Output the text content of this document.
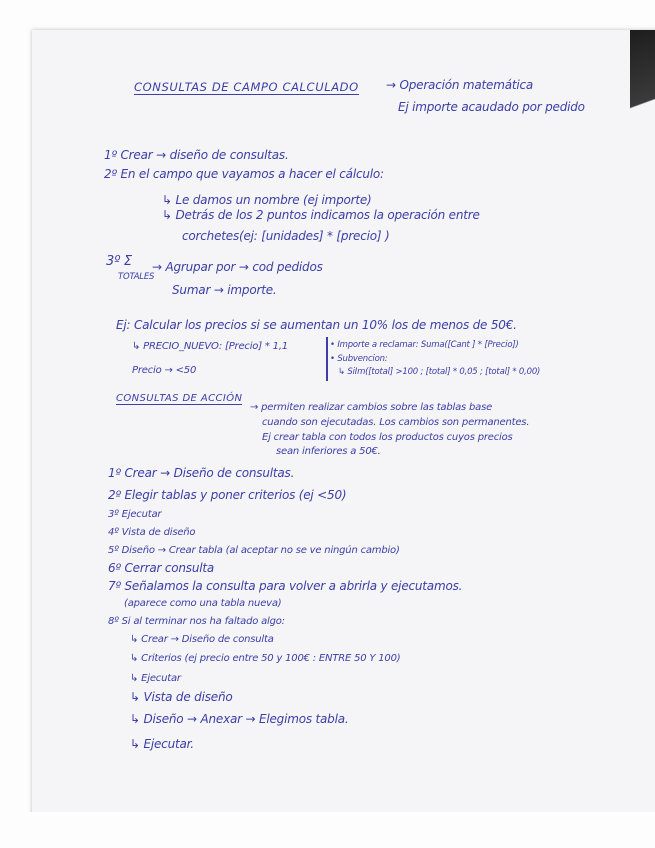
CONSULTAS DE CAMPO CALCULADO → Operación matemática

Ej importe acaudado por pedido

1º Crear → diseño de consultas.

2º En el campo que vayamos a hacer el cálculo:

↳ Le damos un nombre (ej importe)

↳ Detrás de los 2 puntos indicamos la operación entre

corchetes(ej: [unidades] * [precio] )

3º Σ

TOTALES

→ Agrupar por → cod pedidos

Sumar → importe.

Ej: Calcular los precios si se aumentan un 10% los de menos de 50€.

↳ PRECIO_NUEVO: [Precio] * 1,1

Precio → <50

• Importe a reclamar: Suma([Cant ] * [Precio])

• Subvencion:

↳ SiIm([total] >100 ; [total] * 0,05 ; [total] * 0,00)

CONSULTAS DE ACCIÓN

→ permiten realizar cambios sobre las tablas base

cuando son ejecutadas. Los cambios son permanentes.

Ej crear tabla con todos los productos cuyos precios

sean inferiores a 50€.

1º Crear → Diseño de consultas.

2º Elegir tablas y poner criterios (ej <50)

3º Ejecutar

4º Vista de diseño

5º Diseño → Crear tabla (al aceptar no se ve ningún cambio)

6º Cerrar consulta

7º Señalamos la consulta para volver a abrirla y ejecutamos.

(aparece como una tabla nueva)

8º Si al terminar nos ha faltado algo:

↳ Crear → Diseño de consulta

↳ Criterios (ej precio entre 50 y 100€ : ENTRE 50 Y 100)

↳ Ejecutar

↳ Vista de diseño

↳ Diseño → Anexar → Elegimos tabla.

↳ Ejecutar.
